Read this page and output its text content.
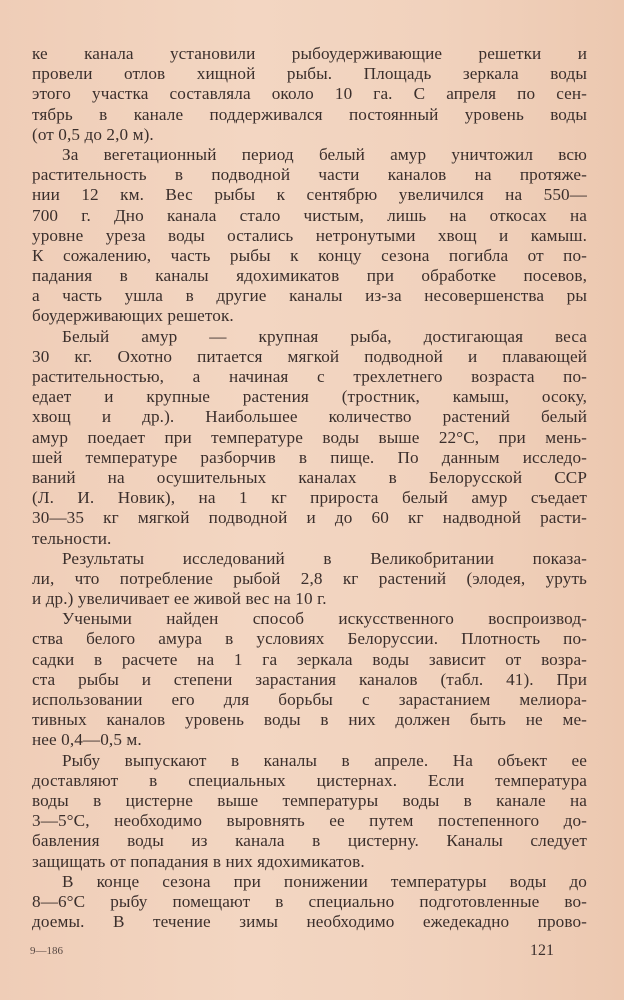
ке канала установили рыбоудерживающие решетки и
провели отлов хищной рыбы. Площадь зеркала воды
этого участка составляла около 10 га. С апреля по сен-
тябрь в канале поддерживался постоянный уровень воды
(от 0,5 до 2,0 м).
За вегетационный период белый амур уничтожил всю
растительность в подводной части каналов на протяже-
нии 12 км. Вес рыбы к сентябрю увеличился на 550—
700 г. Дно канала стало чистым, лишь на откосах на
уровне уреза воды остались нетронутыми хвощ и камыш.
К сожалению, часть рыбы к концу сезона погибла от по-
падания в каналы ядохимикатов при обработке посевов,
а часть ушла в другие каналы из-за несовершенства ры
боудерживающих решеток.
Белый амур — крупная рыба, достигающая веса
30 кг. Охотно питается мягкой подводной и плавающей
растительностью, а начиная с трехлетнего возраста по-
едает и крупные растения (тростник, камыш, осоку,
хвощ и др.). Наибольшее количество растений белый
амур поедает при температуре воды выше 22°С, при мень-
шей температуре разборчив в пище. По данным исследо-
ваний на осушительных каналах в Белорусской ССР
(Л. И. Новик), на 1 кг прироста белый амур съедает
30—35 кг мягкой подводной и до 60 кг надводной расти-
тельности.
Результаты исследований в Великобритании показа-
ли, что потребление рыбой 2,8 кг растений (элодея, уруть
и др.) увеличивает ее живой вес на 10 г.
Учеными найден способ искусственного воспроизвод-
ства белого амура в условиях Белоруссии. Плотность по-
садки в расчете на 1 га зеркала воды зависит от возра-
ста рыбы и степени зарастания каналов (табл. 41). При
использовании его для борьбы с зарастанием мелиора-
тивных каналов уровень воды в них должен быть не ме-
нее 0,4—0,5 м.
Рыбу выпускают в каналы в апреле. На объект ее
доставляют в специальных цистернах. Если температура
воды в цистерне выше температуры воды в канале на
3—5°С, необходимо выровнять ее путем постепенного до-
бавления воды из канала в цистерну. Каналы следует
защищать от попадания в них ядохимикатов.
В конце сезона при понижении температуры воды до
8—6°С рыбу помещают в специально подготовленные во-
доемы. В течение зимы необходимо ежедекадно прово-
9—186	121
